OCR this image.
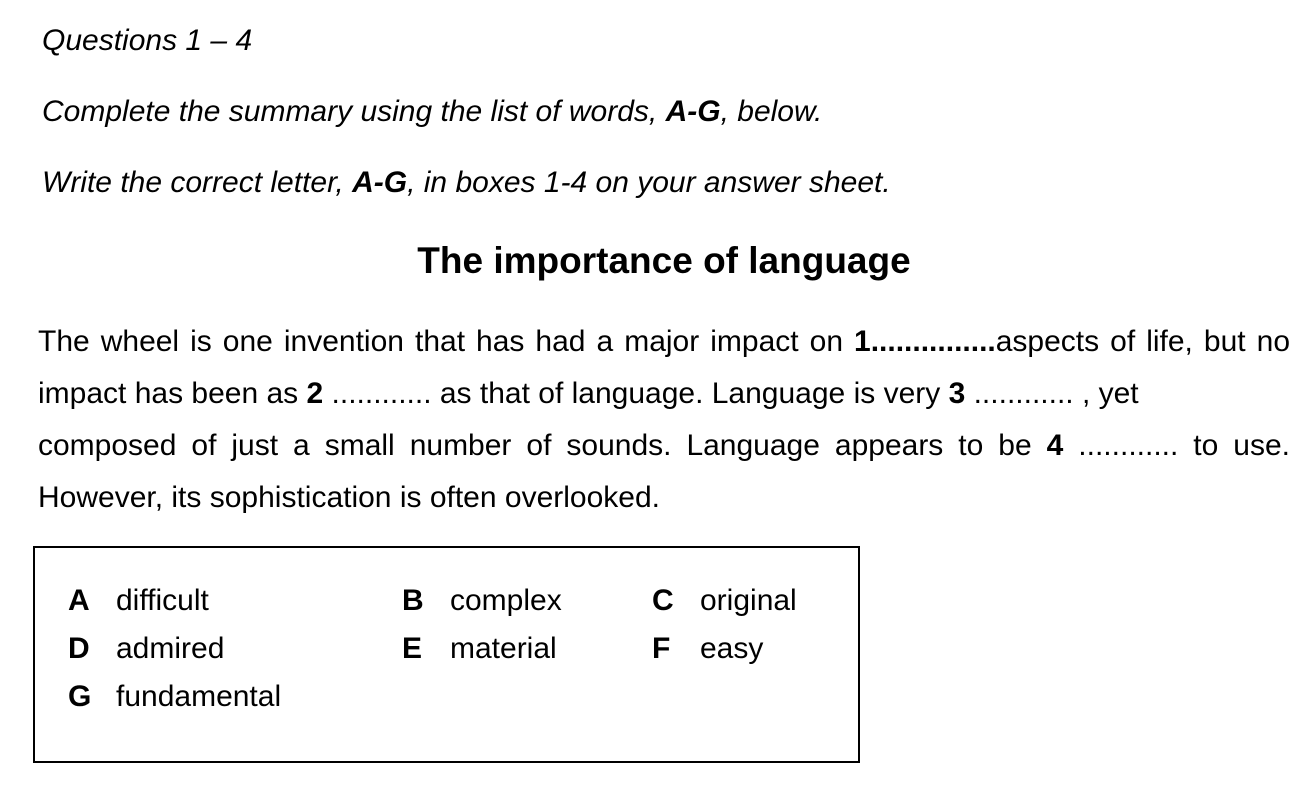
Questions 1 – 4
Complete the summary using the list of words, A-G, below.
Write the correct letter, A-G, in boxes 1-4 on your answer sheet.
The importance of language
The wheel is one invention that has had a major impact on 1...............aspects of life, but no
impact has been as 2 ............ as that of language. Language is very 3 ............ , yet
composed of just a small number of sounds. Language appears to be 4 ............ to use.
However, its sophistication is often overlooked.
A difficult	B complex	C original
D admired	E material	F easy
G fundamental
